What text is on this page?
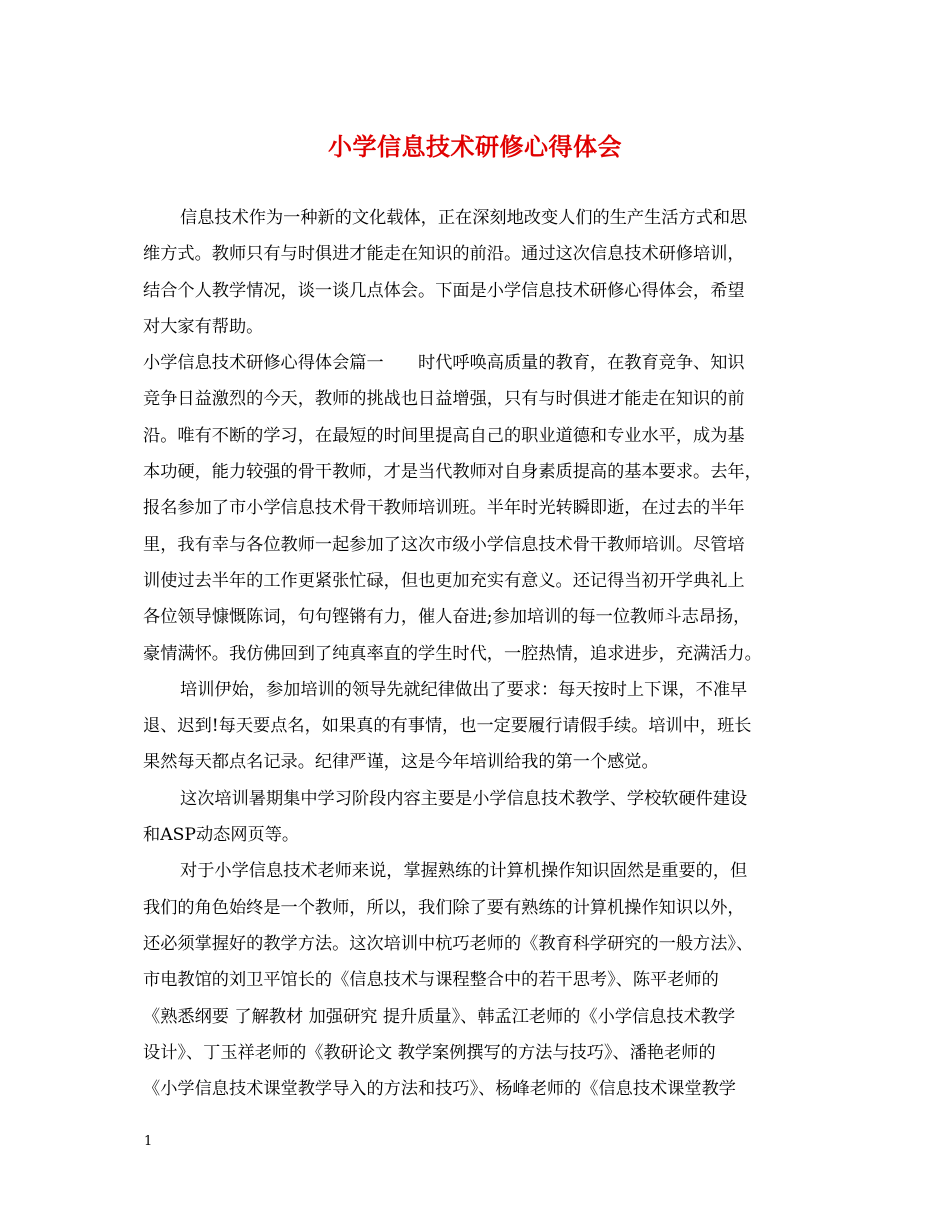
小学信息技术研修心得体会
信息技术作为一种新的文化载体，正在深刻地改变人们的生产生活方式和思
维方式。教师只有与时俱进才能走在知识的前沿。通过这次信息技术研修培训，
结合个人教学情况，谈一谈几点体会。下面是小学信息技术研修心得体会，希望
对大家有帮助。
小学信息技术研修心得体会篇一　　时代呼唤高质量的教育，在教育竞争、知识
竞争日益激烈的今天，教师的挑战也日益增强，只有与时俱进才能走在知识的前
沿。唯有不断的学习，在最短的时间里提高自己的职业道德和专业水平，成为基
本功硬，能力较强的骨干教师，才是当代教师对自身素质提高的基本要求。去年，
报名参加了市小学信息技术骨干教师培训班。半年时光转瞬即逝，在过去的半年
里，我有幸与各位教师一起参加了这次市级小学信息技术骨干教师培训。尽管培
训使过去半年的工作更紧张忙碌，但也更加充实有意义。还记得当初开学典礼上
各位领导慷慨陈词，句句铿锵有力，催人奋进;参加培训的每一位教师斗志昂扬，
豪情满怀。我仿佛回到了纯真率直的学生时代，一腔热情，追求进步，充满活力。
培训伊始，参加培训的领导先就纪律做出了要求：每天按时上下课，不准早
退、迟到!每天要点名，如果真的有事情，也一定要履行请假手续。培训中，班长
果然每天都点名记录。纪律严谨，这是今年培训给我的第一个感觉。
这次培训暑期集中学习阶段内容主要是小学信息技术教学、学校软硬件建设
和ASP动态网页等。
对于小学信息技术老师来说，掌握熟练的计算机操作知识固然是重要的，但
我们的角色始终是一个教师，所以，我们除了要有熟练的计算机操作知识以外，
还必须掌握好的教学方法。这次培训中杭巧老师的《教育科学研究的一般方法》、
市电教馆的刘卫平馆长的《信息技术与课程整合中的若干思考》、陈平老师的
《熟悉纲要 了解教材 加强研究 提升质量》、韩孟江老师的《小学信息技术教学
设计》、丁玉祥老师的《教研论文 教学案例撰写的方法与技巧》、潘艳老师的
《小学信息技术课堂教学导入的方法和技巧》、杨峰老师的《信息技术课堂教学
1
